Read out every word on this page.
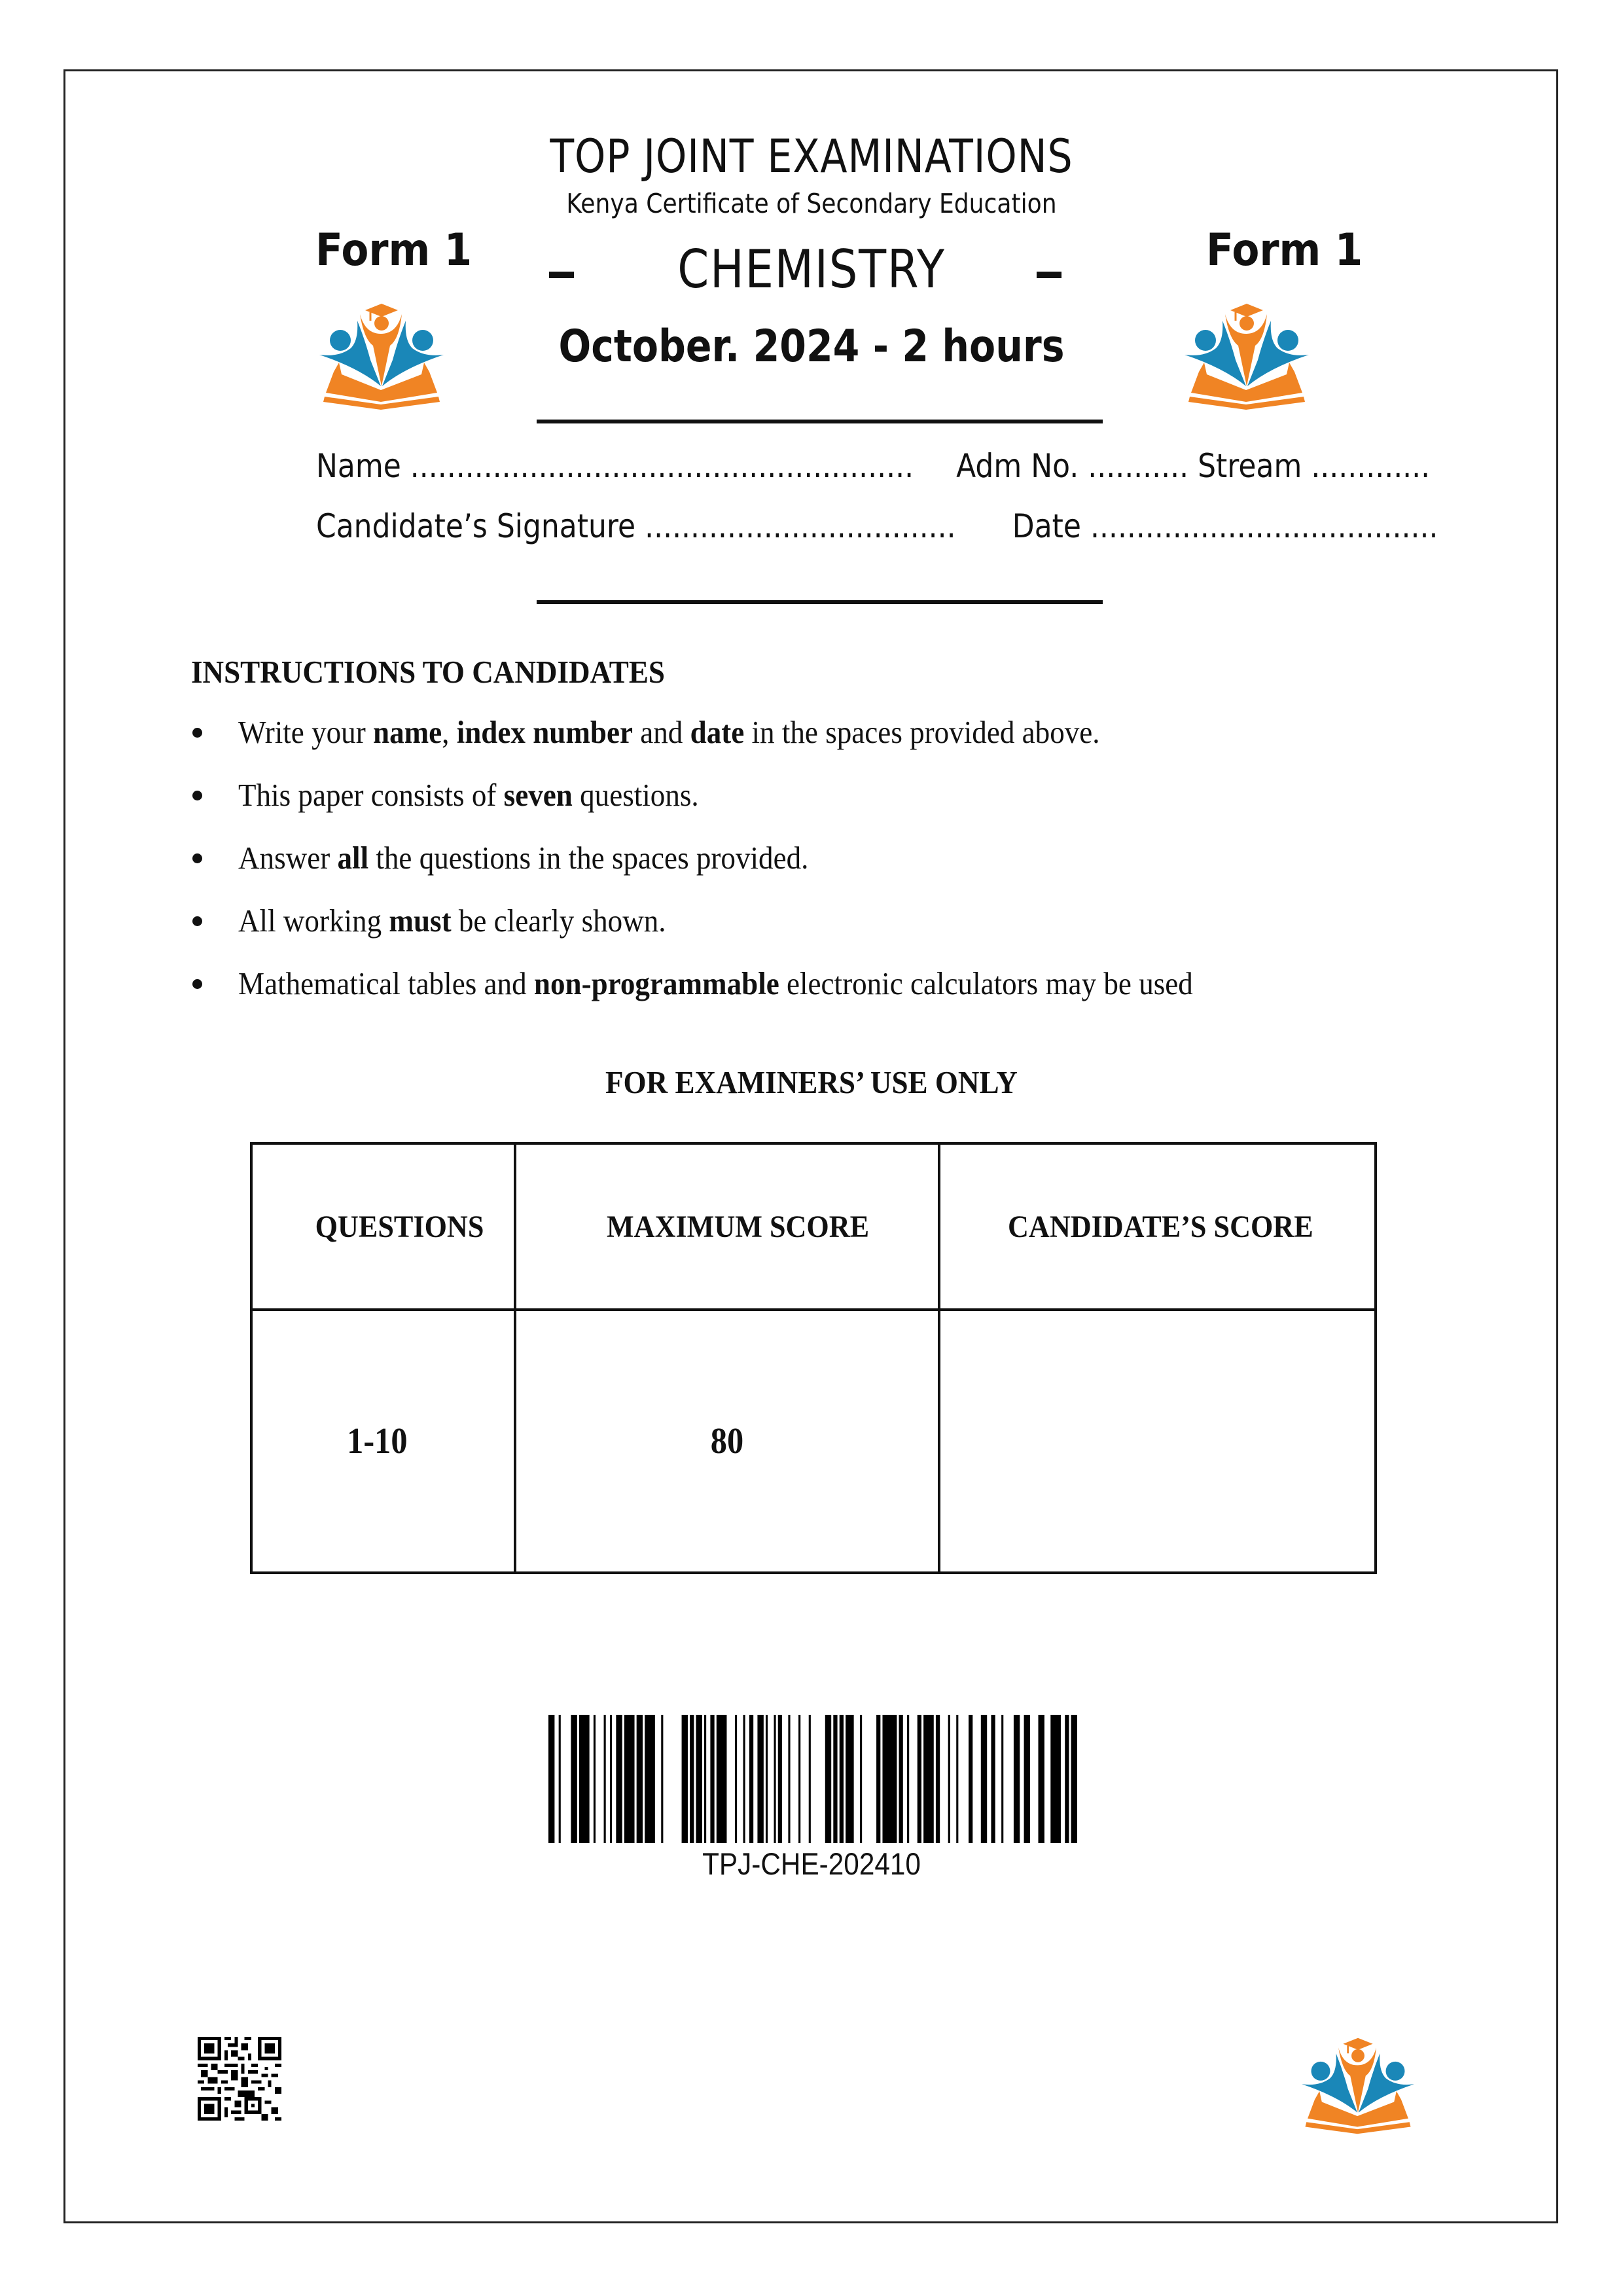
TOP JOINT EXAMINATIONS
Kenya Certificate of Secondary Education
Form 1	Form 1
CHEMISTRY
October. 2024 - 2 hours
Name ....................................................... Adm No. ........... Stream .............
Candidate’s Signature .................................. Date ......................................
INSTRUCTIONS TO CANDIDATES
Write your name, index number and date in the spaces provided above.
This paper consists of seven questions.
Answer all the questions in the spaces provided.
All working must be clearly shown.
Mathematical tables and non-programmable electronic calculators may be used
FOR EXAMINERS’ USE ONLY
QUESTIONS	MAXIMUM SCORE	CANDIDATE’S SCORE
1-10	80	
TPJ-CHE-202410
